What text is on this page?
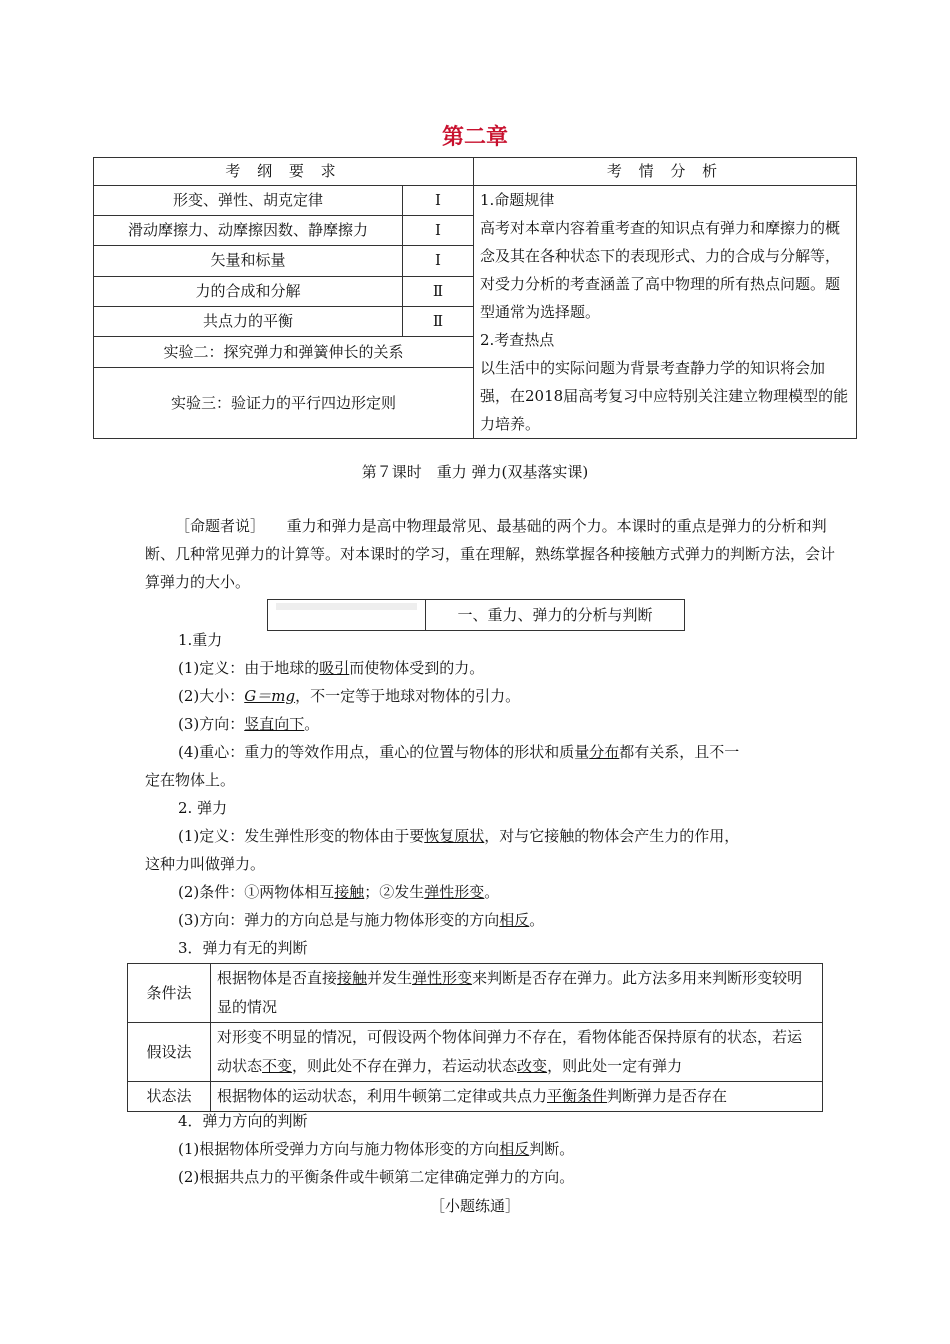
第二章
考 纲 要 求		考 情 分 析
形变、弹性、胡克定律	Ⅰ	1.命题规律
高考对本章内容着重考查的知识点有弹力和摩擦力的概念及其在各种状态下的表现形式、力的合成与分解等，对受力分析的考查涵盖了高中物理的所有热点问题。题型通常为选择题。
2.考查热点
以生活中的实际问题为背景考查静力学的知识将会加强，在2018届高考复习中应特别关注建立物理模型的能力培养。

滑动摩擦力、动摩擦因数、静摩擦力	Ⅰ	
矢量和标量	Ⅰ	
力的合成和分解	Ⅱ	
共点力的平衡	Ⅱ	
实验二：探究弹力和弹簧伸长的关系		
实验三：验证力的平行四边形定则		
第７课时　重力 弹力(双基落实课)
［命题者说］ 重力和弹力是高中物理最常见、最基础的两个力。本课时的重点是弹力的分析和判断、几种常见弹力的计算等。对本课时的学习，重在理解，熟练掌握各种接触方式弹力的判断方法，会计算弹力的大小。
一、重力、弹力的分析与判断
1.重力
(1)定义：由于地球的吸引而使物体受到的力。
(2)大小：G＝mg，不一定等于地球对物体的引力。
(3)方向：竖直向下。
(4)重心：重力的等效作用点，重心的位置与物体的形状和质量分布都有关系，且不一
定在物体上。
2. 弹力
(1)定义：发生弹性形变的物体由于要恢复原状，对与它接触的物体会产生力的作用，
这种力叫做弹力。
(2)条件：①两物体相互接触；②发生弹性形变。
(3)方向：弹力的方向总是与施力物体形变的方向相反。
3．弹力有无的判断
条件法	根据物体是否直接接触并发生弹性形变来判断是否存在弹力。此方法多用来判断形变较明显的情况
假设法	对形变不明显的情况，可假设两个物体间弹力不存在，看物体能否保持原有的状态，若运动状态不变，则此处不存在弹力，若运动状态改变，则此处一定有弹力
状态法	根据物体的运动状态，利用牛顿第二定律或共点力平衡条件判断弹力是否存在
4．弹力方向的判断
(1)根据物体所受弹力方向与施力物体形变的方向相反判断。
(2)根据共点力的平衡条件或牛顿第二定律确定弹力的方向。
［小题练通］
